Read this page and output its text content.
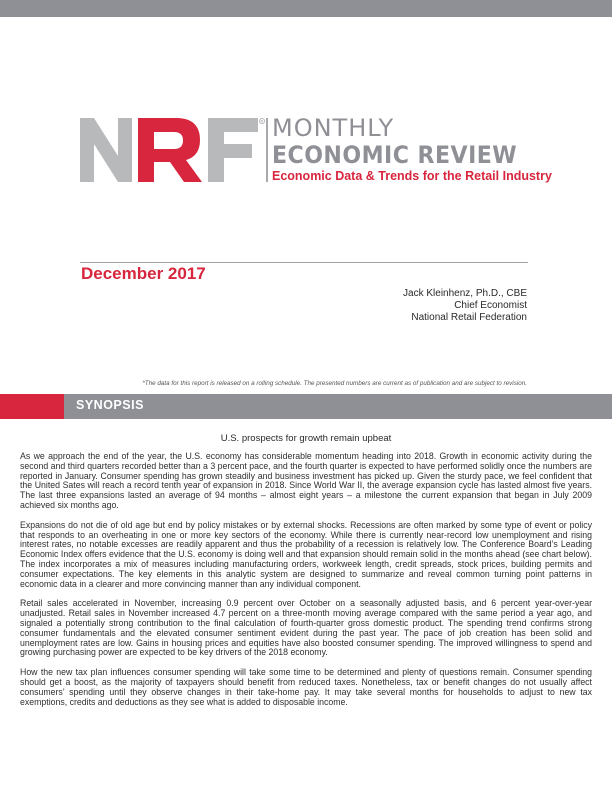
R MONTHLY
ECONOMIC REVIEW
Economic Data & Trends for the Retail Industry
December 2017
Jack Kleinhenz, Ph.D., CBE
Chief Economist
National Retail Federation
*The data for this report is released on a rolling schedule. The presented numbers are current as of publication and are subject to revision.
SYNOPSIS
U.S. prospects for growth remain upbeat

As we approach the end of the year, the U.S. economy has considerable momentum heading into 2018. Growth in economic activity during the second and third quarters recorded better than a 3 percent pace, and the fourth quarter is expected to have performed solidly once the numbers are reported in January. Consumer spending has grown steadily and business investment has picked up. Given the sturdy pace, we feel confident that the United Sates will reach a record tenth year of expansion in 2018. Since World War II, the average expansion cycle has lasted almost five years. The last three expansions lasted an average of 94 months – almost eight years – a milestone the current expansion that began in July 2009 achieved six months ago.

Expansions do not die of old age but end by policy mistakes or by external shocks. Recessions are often marked by some type of event or policy that responds to an overheating in one or more key sectors of the economy. While there is currently near-record low unemployment and rising interest rates, no notable excesses are readily apparent and thus the probability of a recession is relatively low. The Conference Board’s Leading Economic Index offers evidence that the U.S. economy is doing well and that expansion should remain solid in the months ahead (see chart below). The index incorporates a mix of measures including manufacturing orders, workweek length, credit spreads, stock prices, building permits and consumer expectations. The key elements in this analytic system are designed to summarize and reveal common turning point patterns in economic data in a clearer and more convincing manner than any individual component.

Retail sales accelerated in November, increasing 0.9 percent over October on a seasonally adjusted basis, and 6 percent year-over-year unadjusted. Retail sales in November increased 4.7 percent on a three-month moving average compared with the same period a year ago, and signaled a potentially strong contribution to the final calculation of fourth-quarter gross domestic product. The spending trend confirms strong consumer fundamentals and the elevated consumer sentiment evident during the past year. The pace of job creation has been solid and unemployment rates are low. Gains in housing prices and equities have also boosted consumer spending. The improved willingness to spend and growing purchasing power are expected to be key drivers of the 2018 economy.

How the new tax plan influences consumer spending will take some time to be determined and plenty of questions remain. Consumer spending should get a boost, as the majority of taxpayers should benefit from reduced taxes. Nonetheless, tax or benefit changes do not usually affect consumers’ spending until they observe changes in their take-home pay. It may take several months for households to adjust to new tax exemptions, credits and deductions as they see what is added to disposable income.
